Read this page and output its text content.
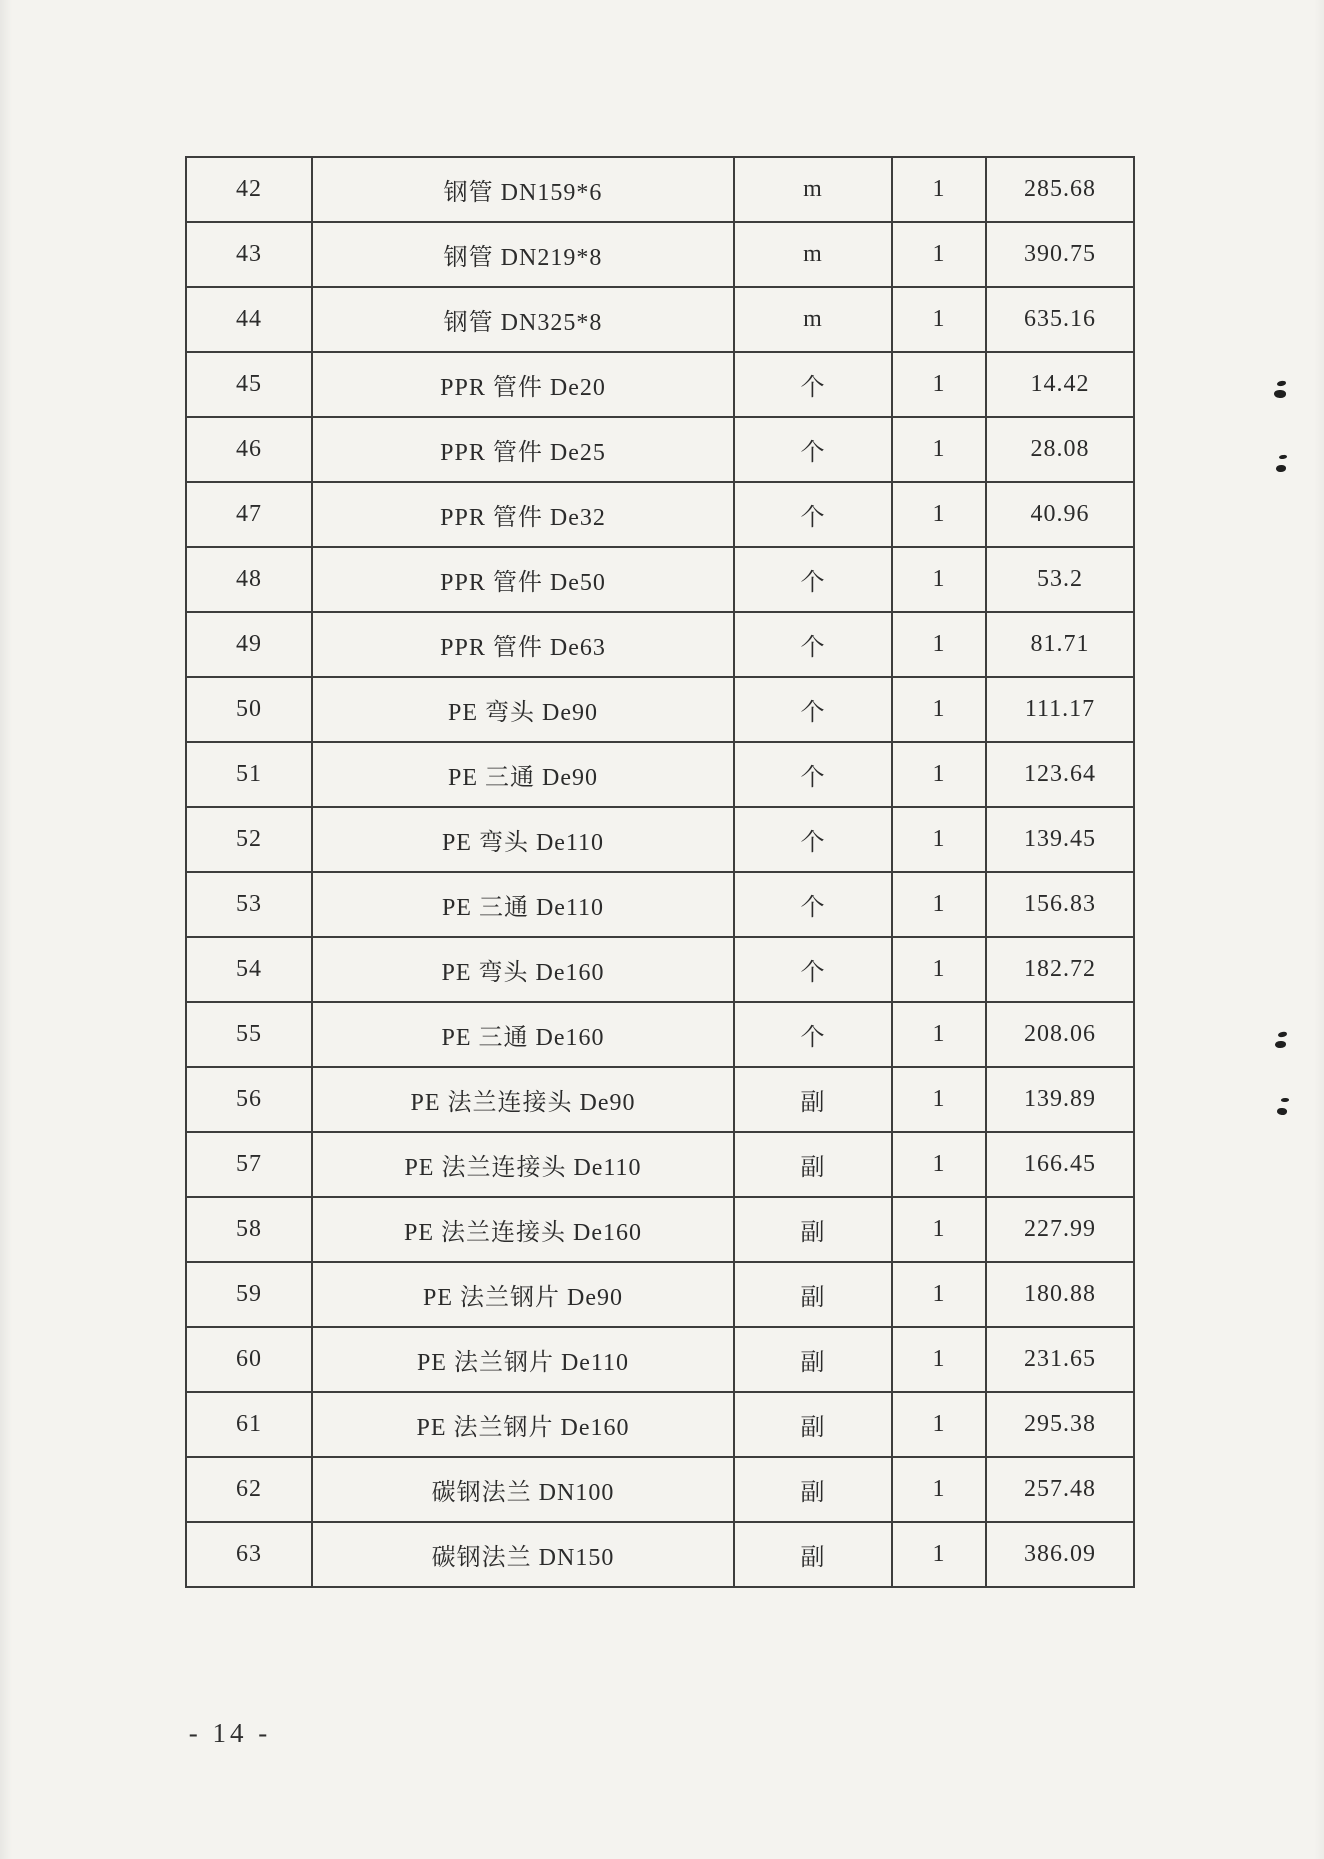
42	钢管 DN159*6	m	1	285.68
43	钢管 DN219*8	m	1	390.75
44	钢管 DN325*8	m	1	635.16
45	PPR 管件 De20	个	1	14.42
46	PPR 管件 De25	个	1	28.08
47	PPR 管件 De32	个	1	40.96
48	PPR 管件 De50	个	1	53.2
49	PPR 管件 De63	个	1	81.71
50	PE 弯头 De90	个	1	111.17
51	PE 三通 De90	个	1	123.64
52	PE 弯头 De110	个	1	139.45
53	PE 三通 De110	个	1	156.83
54	PE 弯头 De160	个	1	182.72
55	PE 三通 De160	个	1	208.06
56	PE 法兰连接头 De90	副	1	139.89
57	PE 法兰连接头 De110	副	1	166.45
58	PE 法兰连接头 De160	副	1	227.99
59	PE 法兰钢片 De90	副	1	180.88
60	PE 法兰钢片 De110	副	1	231.65
61	PE 法兰钢片 De160	副	1	295.38
62	碳钢法兰 DN100	副	1	257.48
63	碳钢法兰 DN150	副	1	386.09
- 14 -
